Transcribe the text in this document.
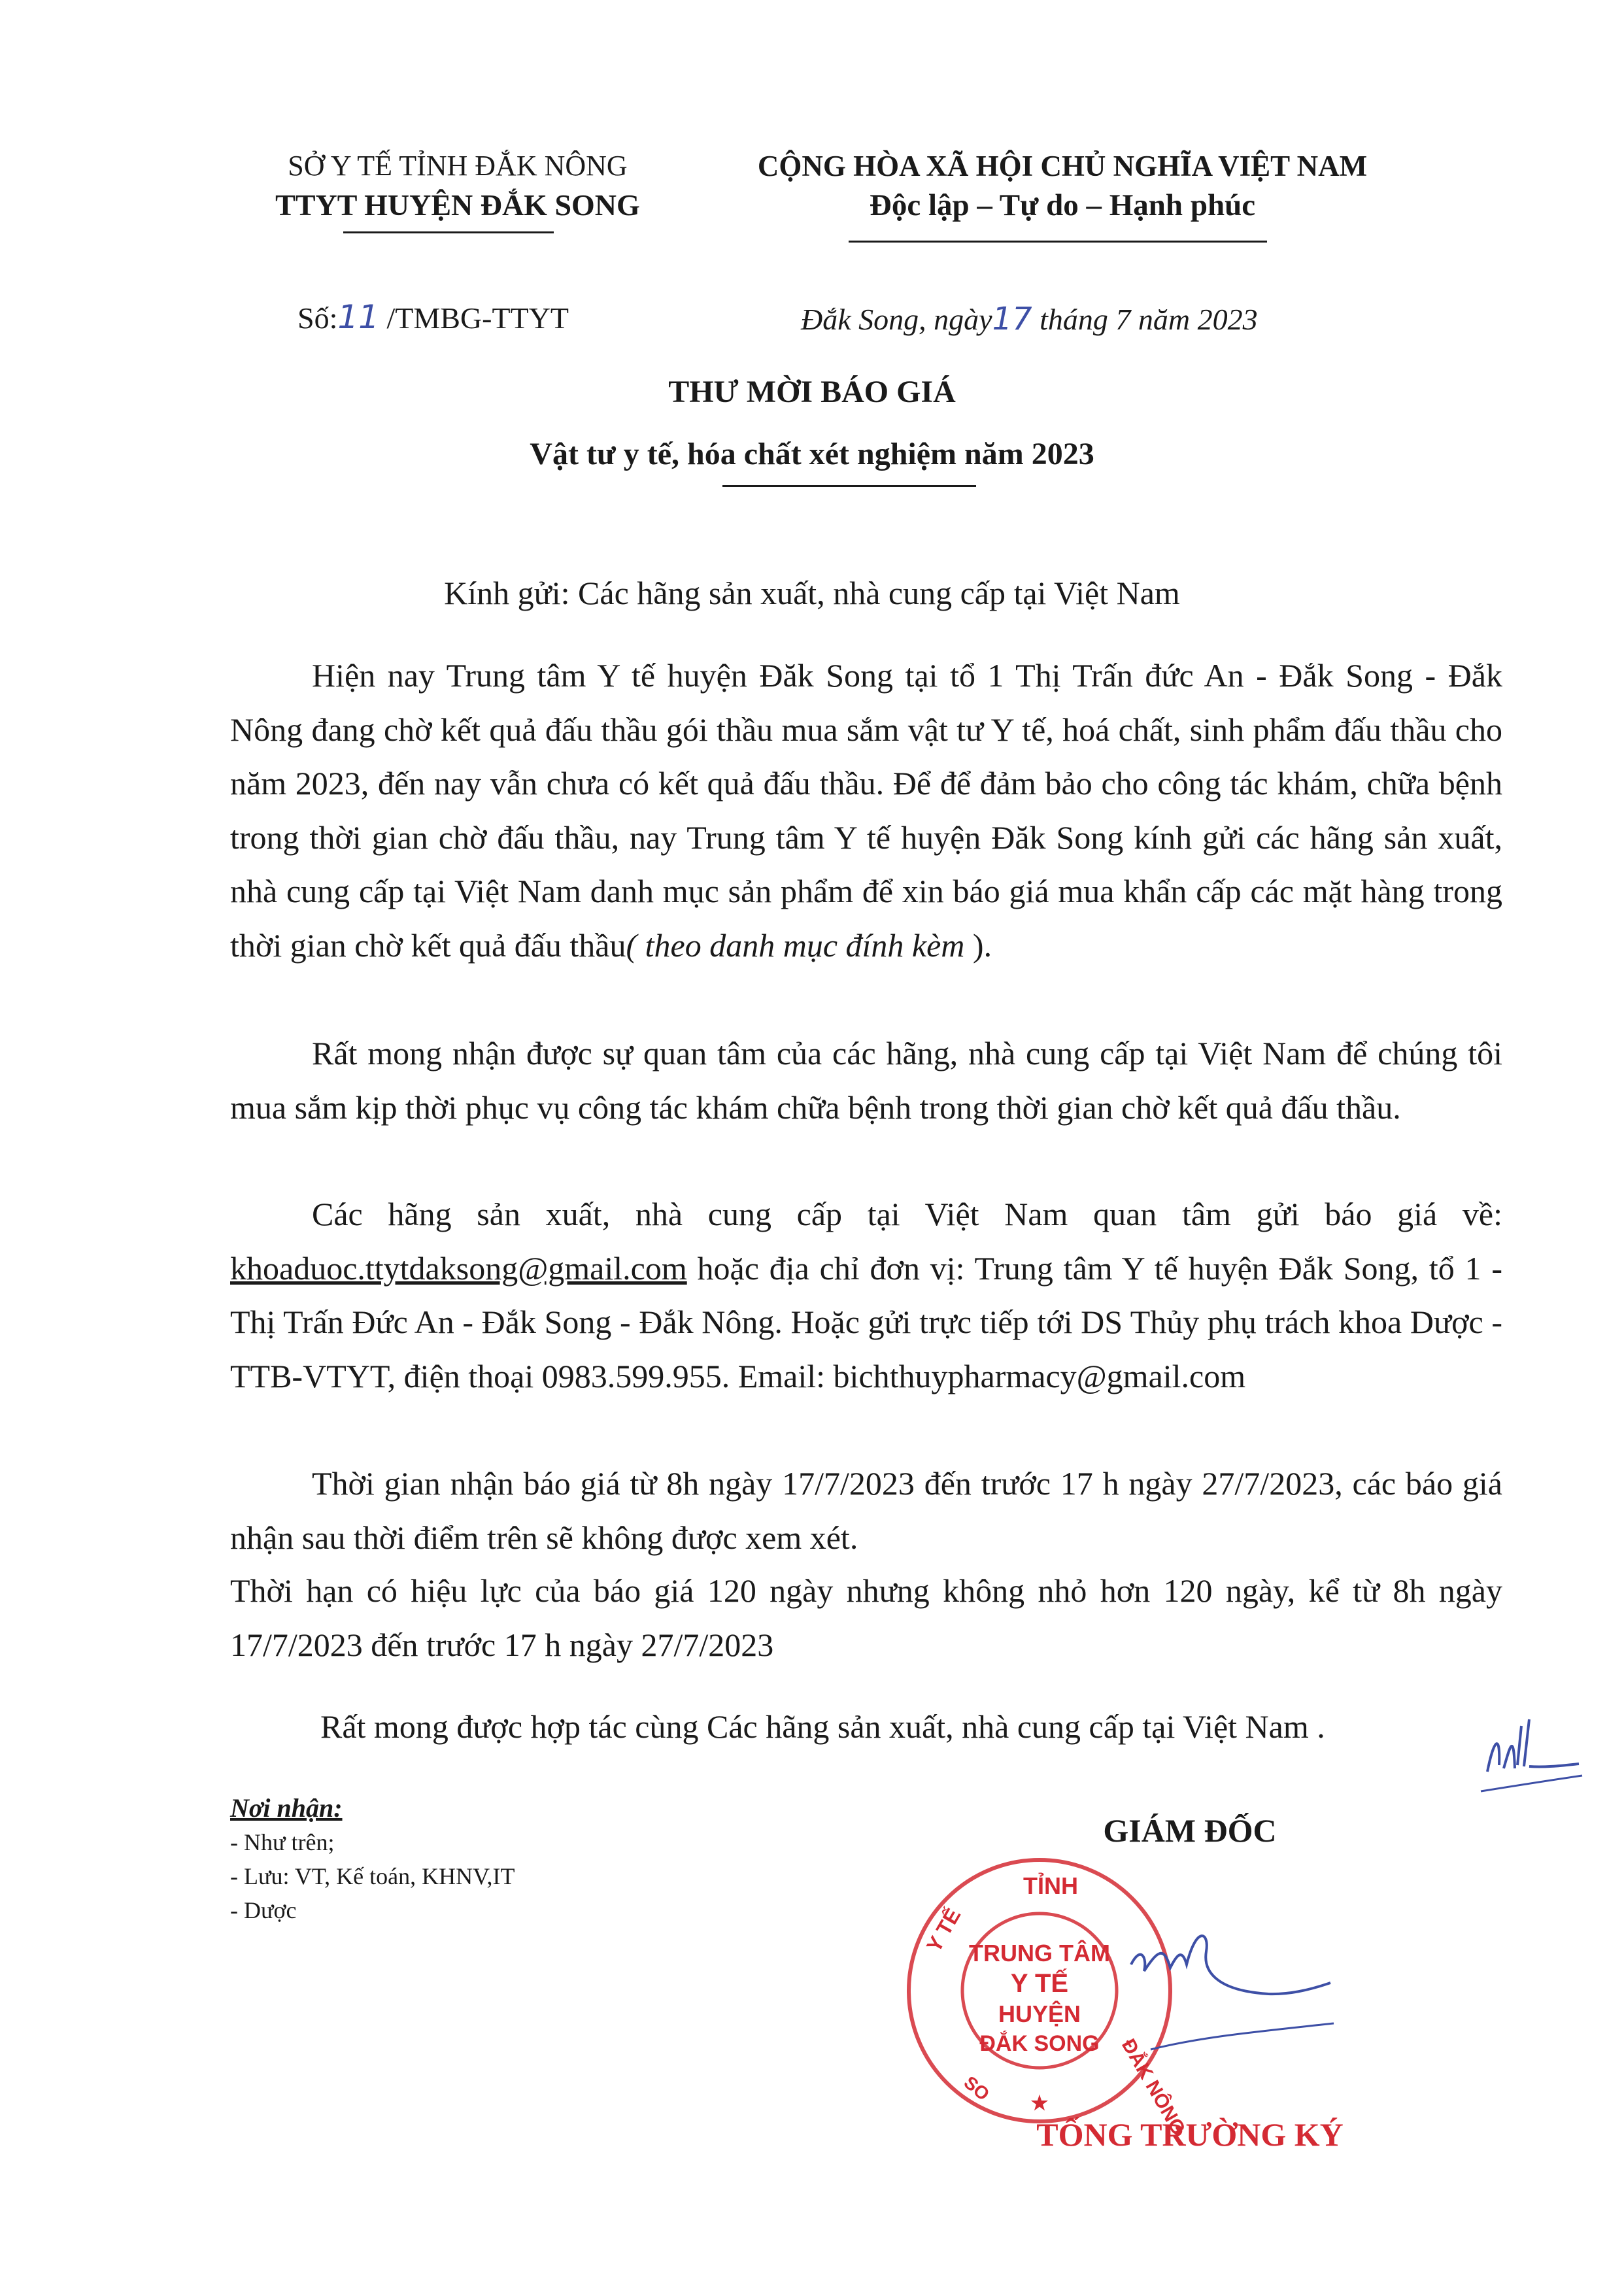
SỞ Y TẾ TỈNH ĐẮK NÔNG
TTYT HUYỆN ĐẮK SONG
CỘNG HÒA XÃ HỘI CHỦ NGHĨA VIỆT NAM
Độc lập – Tự do – Hạnh phúc
Số:11 /TMBG-TTYT	Đắk Song, ngày17 tháng 7 năm 2023
THƯ MỜI BÁO GIÁ
Vật tư y tế, hóa chất xét nghiệm năm 2023
Kính gửi: Các hãng sản xuất, nhà cung cấp tại Việt Nam

Hiện nay Trung tâm Y tế huyện Đăk Song tại tổ 1 Thị Trấn đức An - Đắk Song - Đắk Nông đang chờ kết quả đấu thầu gói thầu mua sắm vật tư Y tế, hoá chất, sinh phẩm đấu thầu cho năm 2023, đến nay vẫn chưa có kết quả đấu thầu. Để để đảm bảo cho công tác khám, chữa bệnh trong thời gian chờ đấu thầu, nay Trung tâm Y tế huyện Đăk Song kính gửi các hãng sản xuất, nhà cung cấp tại Việt Nam danh mục sản phẩm để xin báo giá mua khẩn cấp các mặt hàng trong thời gian chờ kết quả đấu thầu( theo danh mục đính kèm ).

Rất mong nhận được sự quan tâm của các hãng, nhà cung cấp tại Việt Nam để chúng tôi mua sắm kịp thời phục vụ công tác khám chữa bệnh trong thời gian chờ kết quả đấu thầu.

Các hãng sản xuất, nhà cung cấp tại Việt Nam quan tâm gửi báo giá về: khoaduoc.ttytdaksong@gmail.com hoặc địa chỉ đơn vị: Trung tâm Y tế huyện Đắk Song, tổ 1 - Thị Trấn Đức An - Đắk Song - Đắk Nông. Hoặc gửi trực tiếp tới DS Thủy phụ trách khoa Dược -TTB-VTYT, điện thoại 0983.599.955. Email: bichthuypharmacy@gmail.com

Thời gian nhận báo giá từ 8h ngày 17/7/2023 đến trước 17 h ngày 27/7/2023, các báo giá nhận sau thời điểm trên sẽ không được xem xét.

Thời hạn có hiệu lực của báo giá 120 ngày nhưng không nhỏ hơn 120 ngày, kể từ 8h ngày 17/7/2023 đến trước 17 h ngày 27/7/2023

Rất mong được hợp tác cùng Các hãng sản xuất, nhà cung cấp tại Việt Nam .

Nơi nhận:
- Như trên;
- Lưu: VT, Kế toán, KHNV,IT
- Dược
GIÁM ĐỐC
TỈNH
Y TẾ
ĐẮK NÔNG
SO
TRUNG TÂM
Y TẾ
HUYỆN
ĐẮK SONG
★
TỐNG TRƯỜNG KÝ
